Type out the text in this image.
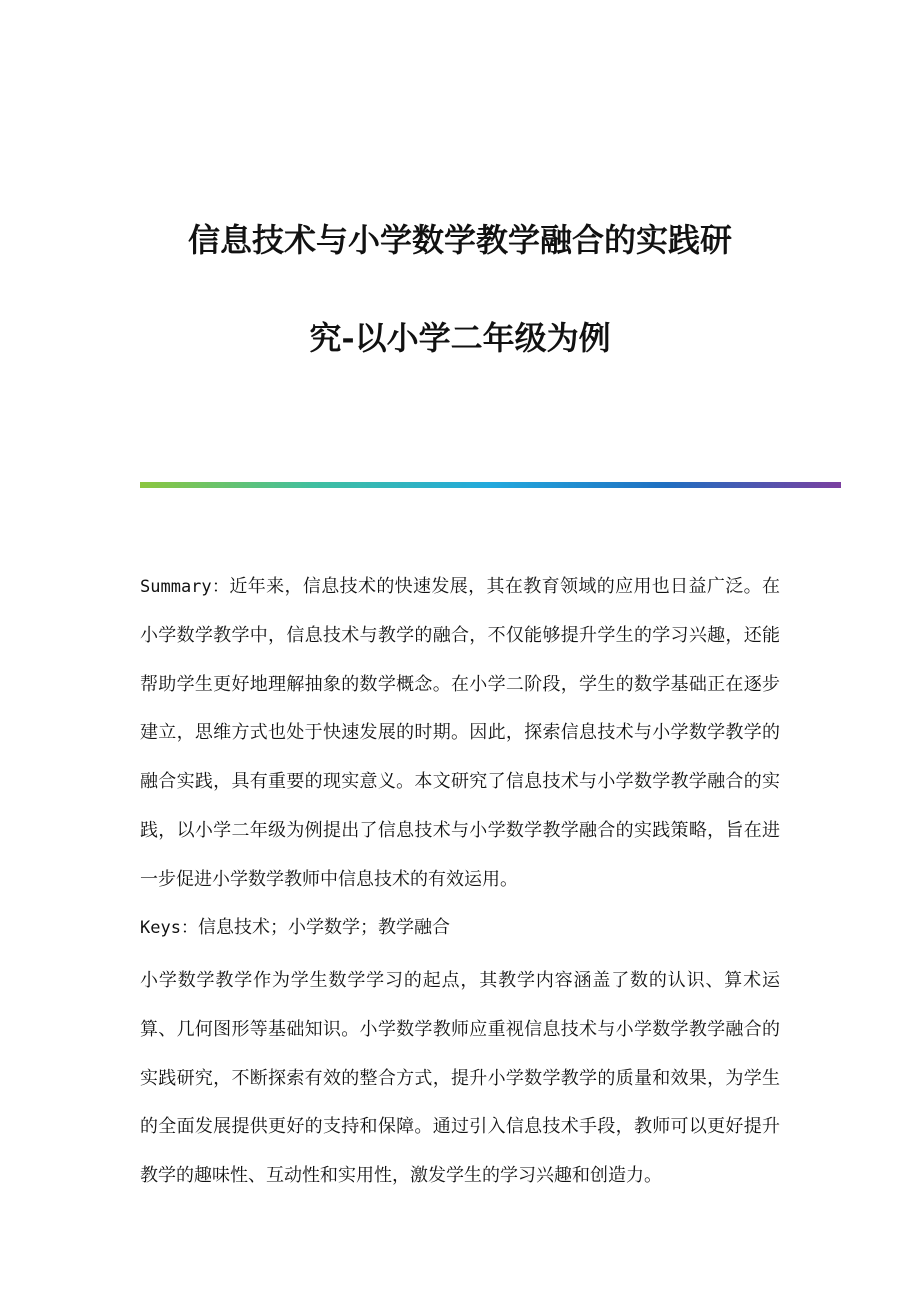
信息技术与小学数学教学融合的实践研
究-以小学二年级为例

Summary：近年来，信息技术的快速发展，其在教育领域的应用也日益广泛。在小学数学教学中，信息技术与教学的融合，不仅能够提升学生的学习兴趣，还能帮助学生更好地理解抽象的数学概念。在小学二阶段，学生的数学基础正在逐步建立，思维方式也处于快速发展的时期。因此，探索信息技术与小学数学教学的融合实践，具有重要的现实意义。本文研究了信息技术与小学数学教学融合的实践，以小学二年级为例提出了信息技术与小学数学教学融合的实践策略，旨在进一步促进小学数学教师中信息技术的有效运用。

Keys：信息技术；小学数学；教学融合

小学数学教学作为学生数学学习的起点，其教学内容涵盖了数的认识、算术运算、几何图形等基础知识。小学数学教师应重视信息技术与小学数学教学融合的实践研究，不断探索有效的整合方式，提升小学数学教学的质量和效果，为学生的全面发展提供更好的支持和保障。通过引入信息技术手段，教师可以更好提升教学的趣味性、互动性和实用性，激发学生的学习兴趣和创造力。
